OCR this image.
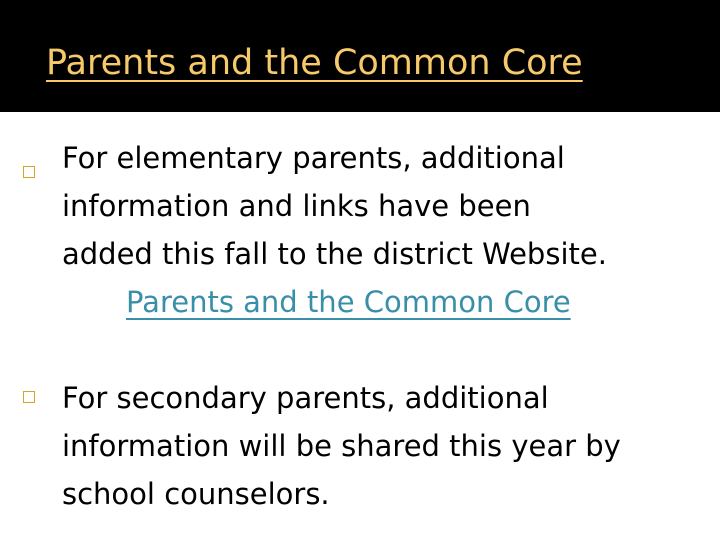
Parents and the Common Core
For elementary parents, additional
information and links have been
added this fall to the district Website.
Parents and the Common Core
For secondary parents, additional
information will be shared this year by
school counselors.
